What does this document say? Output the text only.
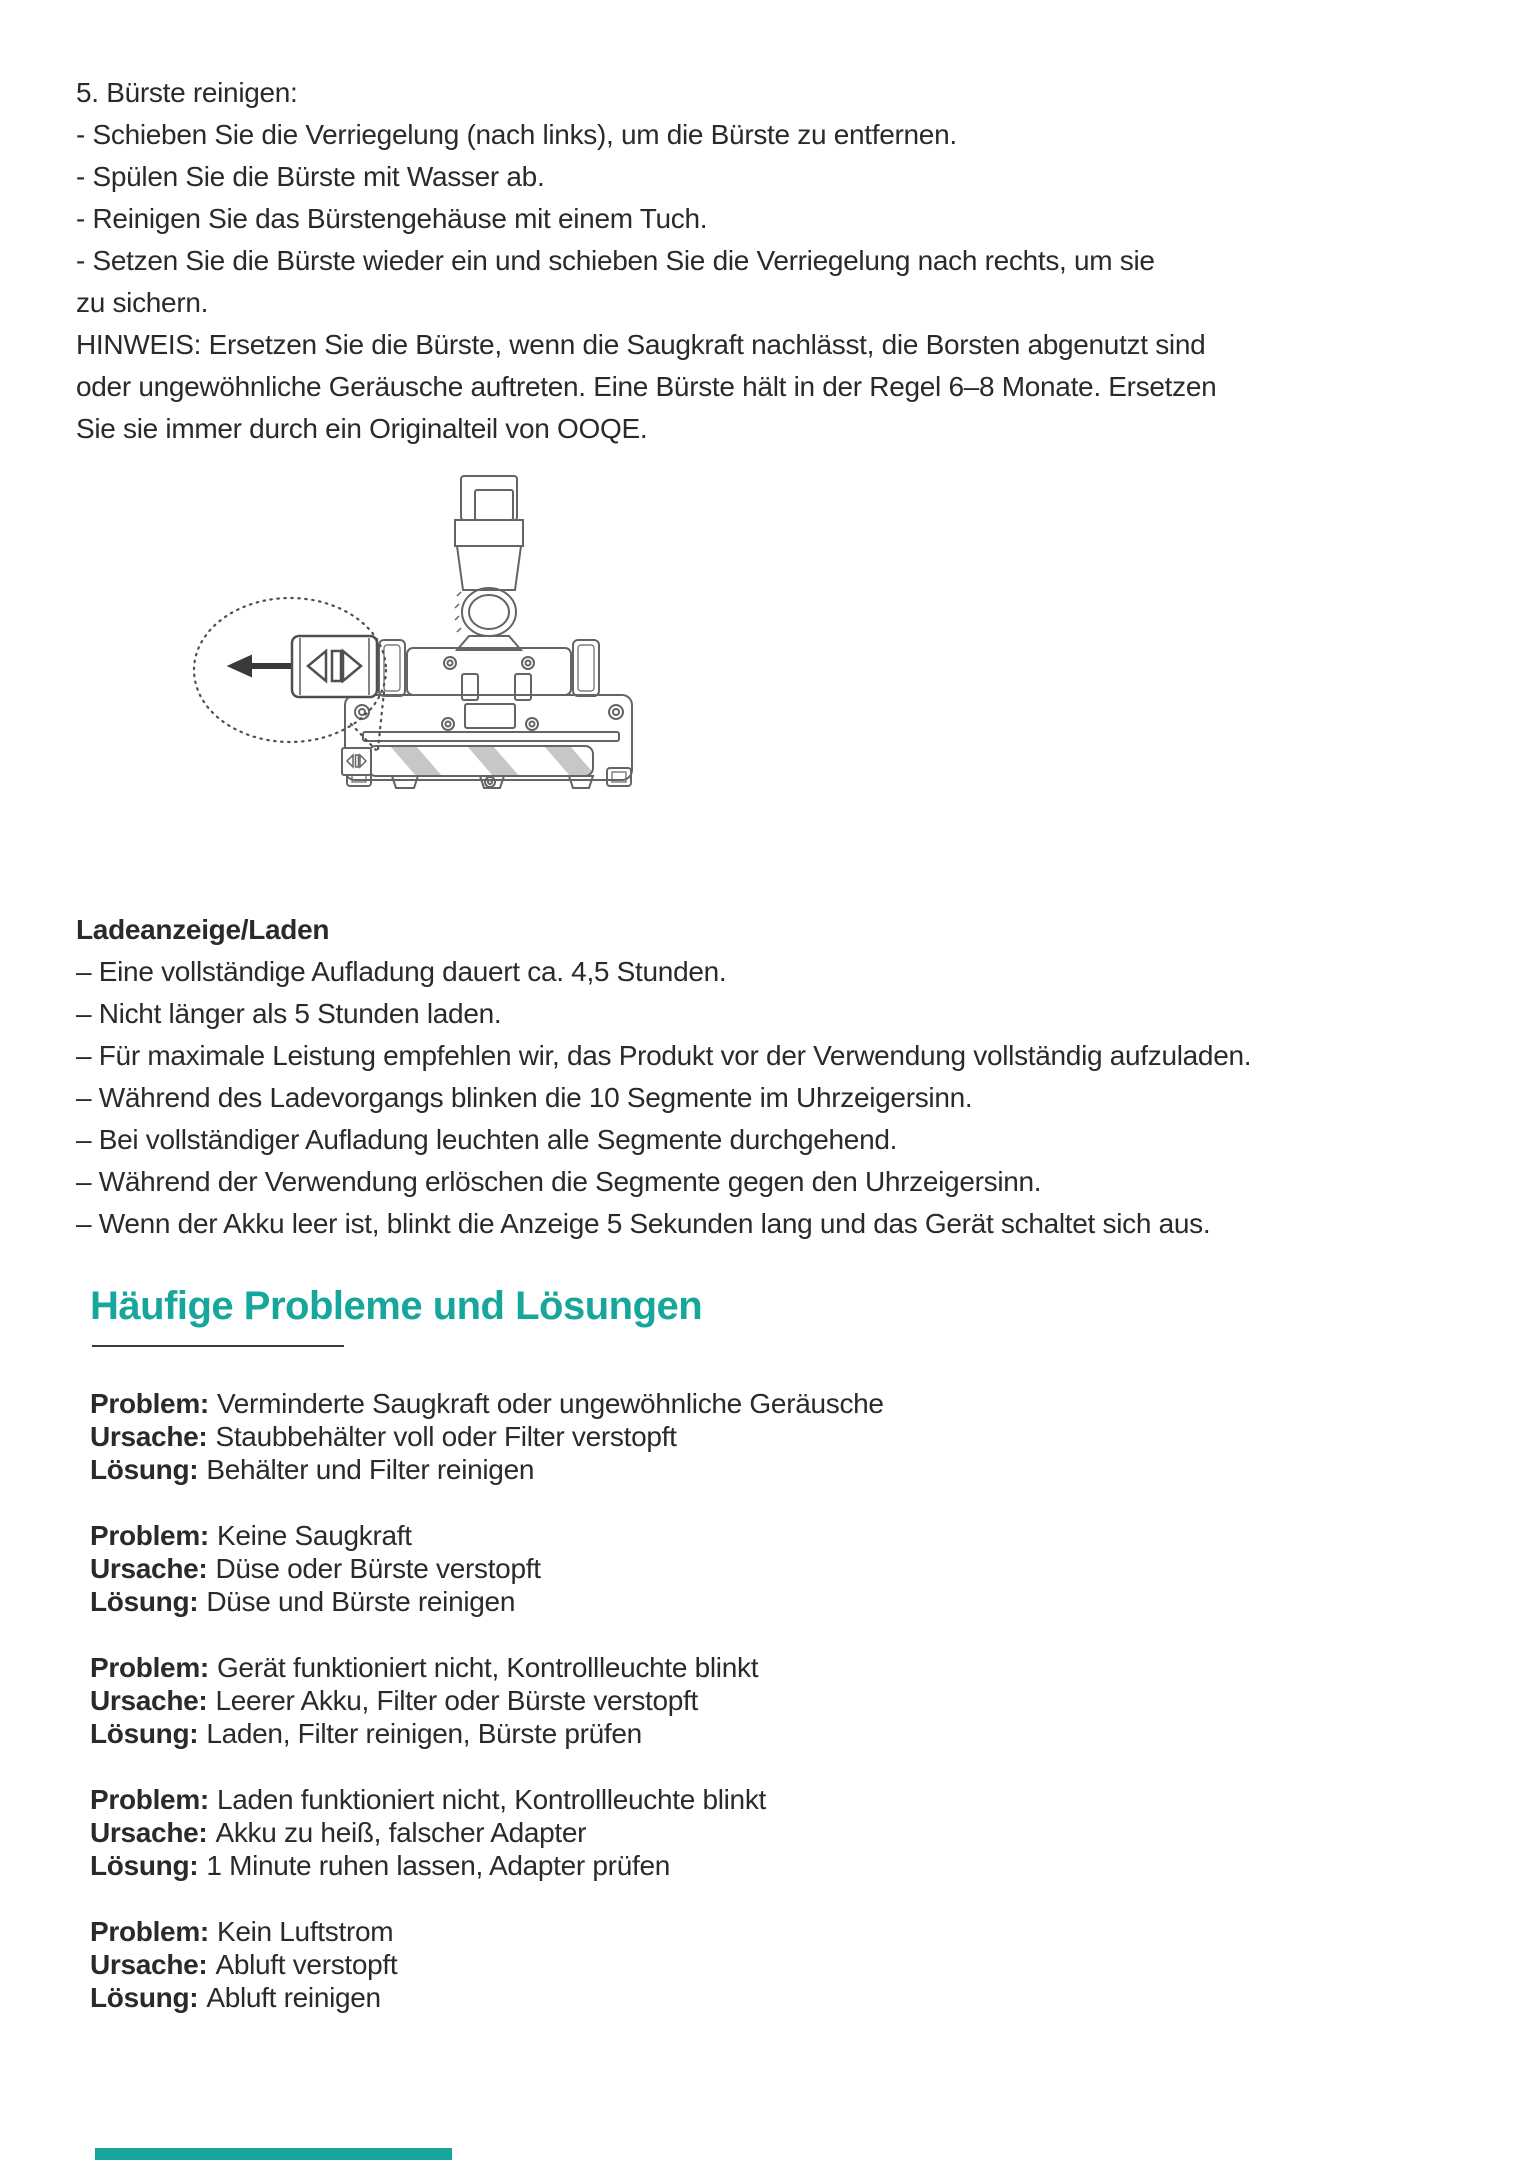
5. Bürste reinigen:
- Schieben Sie die Verriegelung (nach links), um die Bürste zu entfernen.
- Spülen Sie die Bürste mit Wasser ab.
- Reinigen Sie das Bürstengehäuse mit einem Tuch.
- Setzen Sie die Bürste wieder ein und schieben Sie die Verriegelung nach rechts, um sie
zu sichern.
HINWEIS: Ersetzen Sie die Bürste, wenn die Saugkraft nachlässt, die Borsten abgenutzt sind
oder ungewöhnliche Geräusche auftreten. Eine Bürste hält in der Regel 6–8 Monate. Ersetzen
Sie sie immer durch ein Originalteil von OOQE.
Ladeanzeige/Laden
– Eine vollständige Aufladung dauert ca. 4,5 Stunden.
– Nicht länger als 5 Stunden laden.
– Für maximale Leistung empfehlen wir, das Produkt vor der Verwendung vollständig aufzuladen.
– Während des Ladevorgangs blinken die 10 Segmente im Uhrzeigersinn.
– Bei vollständiger Aufladung leuchten alle Segmente durchgehend.
– Während der Verwendung erlöschen die Segmente gegen den Uhrzeigersinn.
– Wenn der Akku leer ist, blinkt die Anzeige 5 Sekunden lang und das Gerät schaltet sich aus.
Häufige Probleme und Lösungen
Problem: Verminderte Saugkraft oder ungewöhnliche Geräusche
Ursache: Staubbehälter voll oder Filter verstopft
Lösung: Behälter und Filter reinigen
Problem: Keine Saugkraft
Ursache: Düse oder Bürste verstopft
Lösung: Düse und Bürste reinigen
Problem: Gerät funktioniert nicht, Kontrollleuchte blinkt
Ursache: Leerer Akku, Filter oder Bürste verstopft
Lösung: Laden, Filter reinigen, Bürste prüfen
Problem: Laden funktioniert nicht, Kontrollleuchte blinkt
Ursache: Akku zu heiß, falscher Adapter
Lösung: 1 Minute ruhen lassen, Adapter prüfen
Problem: Kein Luftstrom
Ursache: Abluft verstopft
Lösung: Abluft reinigen
